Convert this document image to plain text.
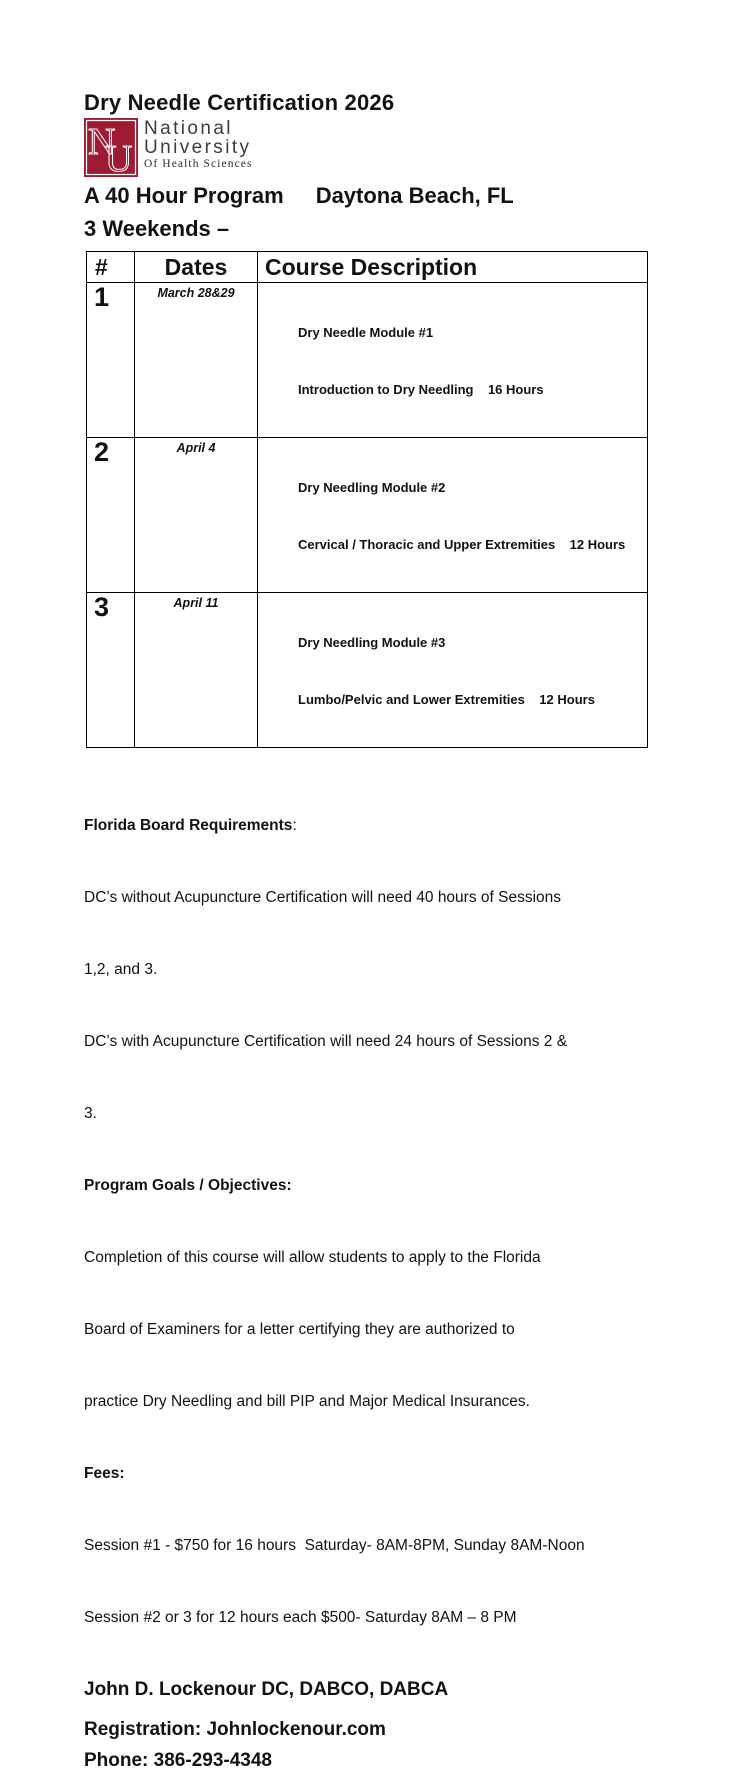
Dry Needle Certification 2026
N
U
National
University
Of Health Sciences
A 40 Hour Program Daytona Beach, FL
3 Weekends –
#	Dates	Course Description
1	March 28&29	Dry Needle Module #1

Introduction to Dry Needling    16 Hours

2	April 4	Dry Needling Module #2

Cervical / Thoracic and Upper Extremities    12 Hours

3	April 11	Dry Needling Module #3

Lumbo/Pelvic and Lower Extremities    12 Hours

Florida Board Requirements:

DC’s without Acupuncture Certification will need 40 hours of Sessions

1,2, and 3.

DC’s with Acupuncture Certification will need 24 hours of Sessions 2 &

3.

Program Goals / Objectives:

Completion of this course will allow students to apply to the Florida

Board of Examiners for a letter certifying they are authorized to

practice Dry Needling and bill PIP and Major Medical Insurances.

Fees:

Session #1 - $750 for 16 hours  Saturday- 8AM-8PM, Sunday 8AM-Noon

Session #2 or 3 for 12 hours each $500- Saturday 8AM – 8 PM

John D. Lockenour DC, DABCO, DABCA
Registration: Johnlockenour.com
Phone: 386-293-4348
